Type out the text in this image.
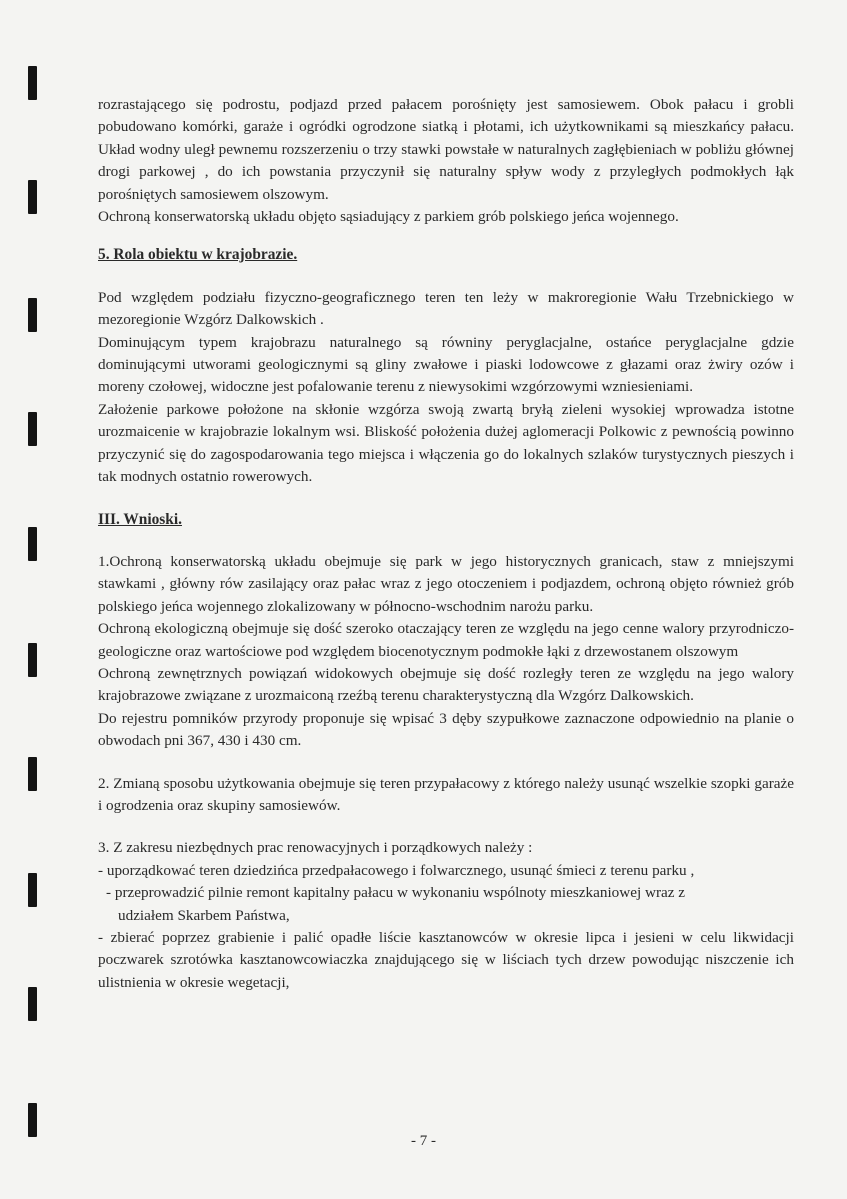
rozrastającego się podrostu, podjazd przed pałacem porośnięty jest samosiewem. Obok pałacu i grobli pobudowano komórki, garaże i ogródki ogrodzone siatką i płotami, ich użytkownikami są mieszkańcy pałacu. Układ wodny uległ pewnemu rozszerzeniu o trzy stawki powstałe w naturalnych zagłębieniach w pobliżu głównej drogi parkowej , do ich powstania przyczynił się naturalny spływ wody z przyległych podmokłych łąk porośniętych samosiewem olszowym.

Ochroną konserwatorską układu objęto sąsiadujący z parkiem grób polskiego jeńca wojennego.

5. Rola obiektu w krajobrazie.

Pod względem podziału fizyczno-geograficznego teren ten leży w makroregionie Wału Trzebnickiego w mezoregionie Wzgórz Dalkowskich .

Dominującym typem krajobrazu naturalnego są równiny peryglacjalne, ostańce peryglacjalne gdzie dominującymi utworami geologicznymi są gliny zwałowe i piaski lodowcowe z głazami oraz żwiry ozów i moreny czołowej, widoczne jest pofalowanie terenu z niewysokimi wzgórzowymi wzniesieniami.

Założenie parkowe położone na skłonie wzgórza swoją zwartą bryłą zieleni wysokiej wprowadza istotne urozmaicenie w krajobrazie lokalnym wsi. Bliskość położenia dużej aglomeracji Polkowic z pewnością powinno przyczynić się do zagospodarowania tego miejsca i włączenia go do lokalnych szlaków turystycznych pieszych i tak modnych ostatnio rowerowych.

III. Wnioski.

1.Ochroną konserwatorską układu obejmuje się park w jego historycznych granicach, staw z mniejszymi stawkami , główny rów zasilający oraz pałac wraz z jego otoczeniem i podjazdem, ochroną objęto również grób polskiego jeńca wojennego zlokalizowany w północno-wschodnim narożu parku.

Ochroną ekologiczną obejmuje się dość szeroko otaczający teren ze względu na jego cenne walory przyrodniczo- geologiczne oraz wartościowe pod względem biocenotycznym podmokłe łąki z drzewostanem olszowym

Ochroną zewnętrznych powiązań widokowych obejmuje się dość rozległy teren ze względu na jego walory krajobrazowe związane z urozmaiconą rzeźbą terenu charakterystyczną dla Wzgórz Dalkowskich.

Do rejestru pomników przyrody proponuje się wpisać 3 dęby szypułkowe zaznaczone odpowiednio na planie o obwodach pni 367, 430 i 430 cm.

2. Zmianą sposobu użytkowania obejmuje się teren przypałacowy z którego należy usunąć wszelkie szopki garaże i ogrodzenia oraz skupiny samosiewów.

3. Z zakresu niezbędnych prac renowacyjnych i porządkowych należy :

- uporządkować teren dziedzińca przedpałacowego i folwarcznego, usunąć śmieci z terenu parku ,

- przeprowadzić pilnie remont kapitalny pałacu w wykonaniu wspólnoty mieszkaniowej wraz z

udziałem Skarbem Państwa,

- zbierać poprzez grabienie i palić opadłe liście kasztanowców w okresie lipca i jesieni w celu likwidacji poczwarek szrotówka kasztanowcowiaczka znajdującego się w liściach tych drzew powodując niszczenie ich ulistnienia w okresie wegetacji,

- 7 -
